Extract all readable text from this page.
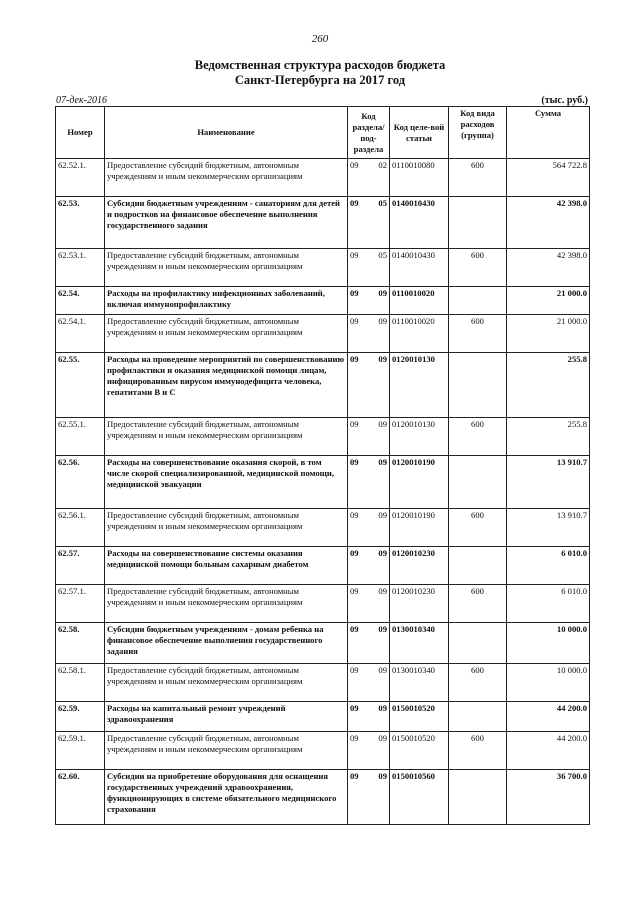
260
Ведомственная структура расходов бюджета
Санкт-Петербурга на 2017 год
07-дек-2016	(тыс. руб.)
Номер	Наименование	Код раздела/ под-раздела	Код целе-вой статьи	Код вида расходов (группа)	Сумма
62.52.1.	Предоставление субсидий бюджетным, автономным учреждениям и иным некоммерческим организациям	09 02	0110010080	600	564 722.8
62.53.	Субсидии бюджетным учреждениям - санаториям для детей и подростков на финансовое обеспечение выполнения государственного задания	09 05	0140010430		42 398.0
62.53.1.	Предоставление субсидий бюджетным, автономным учреждениям и иным некоммерческим организациям	09 05	0140010430	600	42 398.0
62.54.	Расходы на профилактику инфекционных заболеваний, включая иммунопрофилактику	09 09	0110010020		21 000.0
62.54.1.	Предоставление субсидий бюджетным, автономным учреждениям и иным некоммерческим организациям	09 09	0110010020	600	21 000.0
62.55.	Расходы на проведение мероприятий по совершенствованию профилактики и оказания медицинской помощи лицам, инфицированным вирусом иммунодефицита человека, гепатитами В и С	09 09	0120010130		255.8
62.55.1.	Предоставление субсидий бюджетным, автономным учреждениям и иным некоммерческим организациям	09 09	0120010130	600	255.8
62.56.	Расходы на совершенствование оказания скорой, в том числе скорой специализированной, медицинской помощи, медицинской эвакуации	09 09	0120010190		13 910.7
62.56.1.	Предоставление субсидий бюджетным, автономным учреждениям и иным некоммерческим организациям	09 09	0120010190	600	13 910.7
62.57.	Расходы на совершенствование системы оказания медицинской помощи больным сахарным диабетом	09 09	0120010230		6 010.0
62.57.1.	Предоставление субсидий бюджетным, автономным учреждениям и иным некоммерческим организациям	09 09	0120010230	600	6 010.0
62.58.	Субсидии бюджетным учреждениям - домам ребенка на финансовое обеспечение выполнения государственного задания	09 09	0130010340		10 000.0
62.58.1.	Предоставление субсидий бюджетным, автономным учреждениям и иным некоммерческим организациям	09 09	0130010340	600	10 000.0
62.59.	Расходы на капитальный ремонт учреждений здравоохранения	09 09	0150010520		44 200.0
62.59.1.	Предоставление субсидий бюджетным, автономным учреждениям и иным некоммерческим организациям	09 09	0150010520	600	44 200.0
62.60.	Субсидии на приобретение оборудования для оснащения государственных учреждений здравоохранения, функционирующих в системе обязательного медицинского страхования	09 09	0150010560		36 700.0
